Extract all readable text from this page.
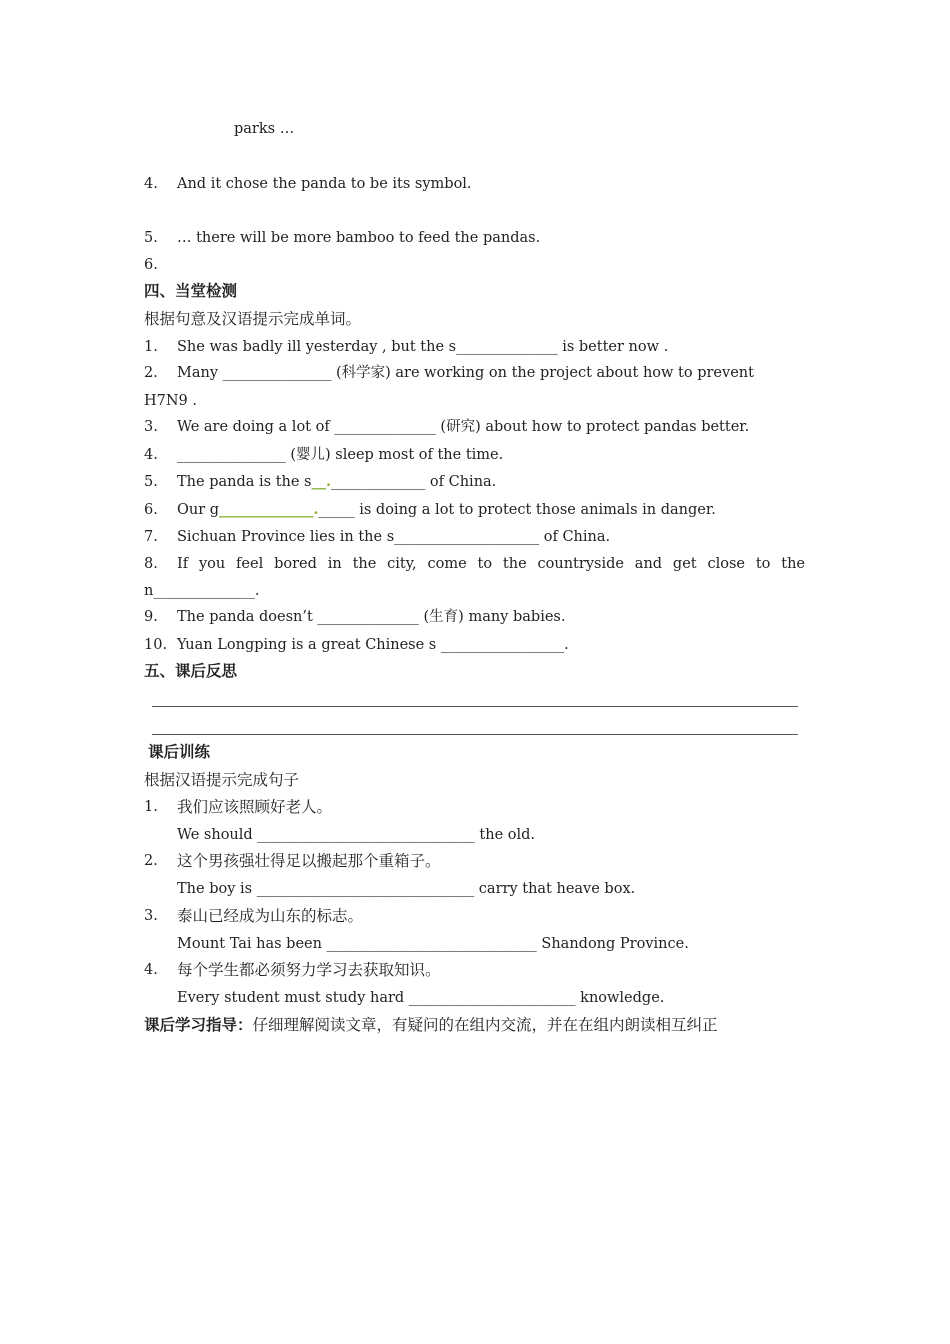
parks …
4. And it chose the panda to be its symbol.
5. … there will be more bamboo to feed the pandas.
6.
四、当堂检测
根据句意及汉语提示完成单词。
1. She was badly ill yesterday , but the s______________ is better now .
2. Many _______________ (科学家) are working on the project about how to prevent
H7N9 .
3. We are doing a lot of ______________ (研究) about how to protect pandas better.
4. _______________ (婴儿) sleep most of the time.
5. The panda is the s__._____________ of China.
6. Our g_____________._____ is doing a lot to protect those animals in danger.
7. Sichuan Province lies in the s____________________ of China.
8. If you feel bored in the city, come to the countryside and get close to the
n______________.
9. The panda doesn’t ______________ (生育) many babies.
10. Yuan Longping is a great Chinese s _________________.
五、课后反思
课后训练
根据汉语提示完成句子
1. 我们应该照顾好老人。
We should ______________________________ the old.
2. 这个男孩强壮得足以搬起那个重箱子。
The boy is ______________________________ carry that heave box.
3. 泰山已经成为山东的标志。
Mount Tai has been _____________________________ Shandong Province.
4. 每个学生都必须努力学习去获取知识。
Every student must study hard _______________________ knowledge.
课后学习指导：仔细理解阅读文章，有疑问的在组内交流，并在在组内朗读相互纠正
